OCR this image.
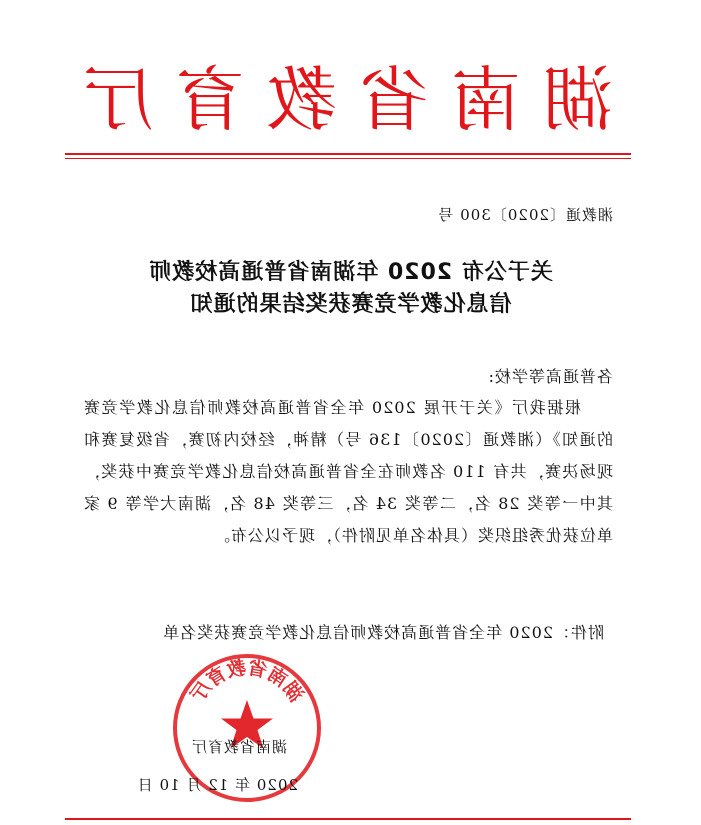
湖
南
省
教
育
厅
湘教通〔2020〕300 号
关于公布 2020 年湖南省普通高校教师
信息化教学竞赛获奖结果的通知
各普通高等学校:
根据我厅《关于开展 2020 年全省普通高校教师信息化教学竞赛的通知》（湘教通〔2020〕136 号）精神，经校内初赛，省级复赛和现场决赛，共有 110 名教师在全省普通高校信息化教学竞赛中获奖，其中一等奖 28 名，二等奖 34 名，三等奖 48 名，湖南大学等 9 家单位获优秀组织奖（具体名单见附件），现予以公布。
附件：2020 年全省普通高校教师信息化教学竞赛获奖名单
湖南省教育厅
湖南省教育厅
2020 年 12 月 10 日
